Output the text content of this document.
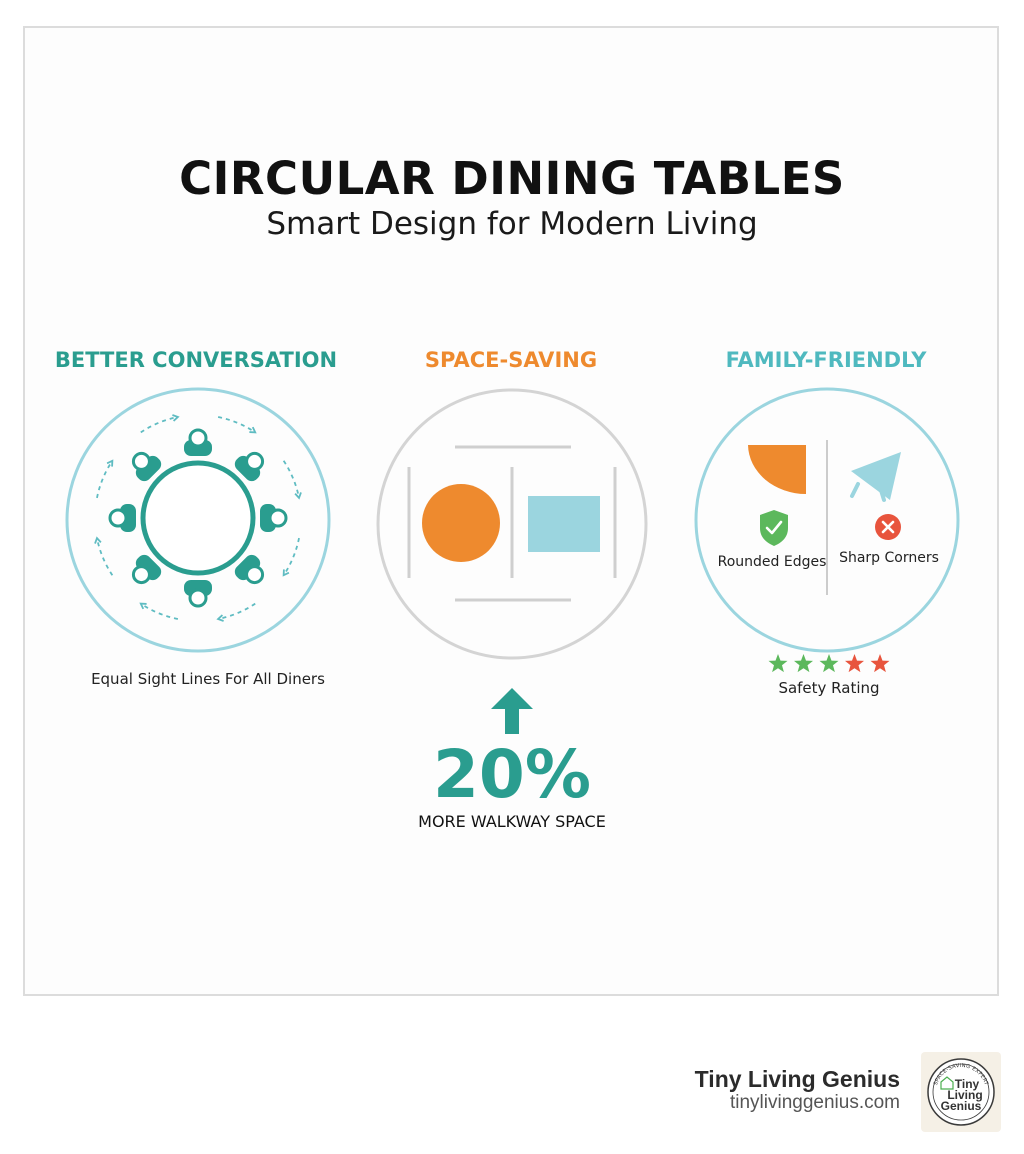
CIRCULAR DINING TABLES
Smart Design for Modern Living
BETTER CONVERSATION	SPACE-SAVING	FAMILY-FRIENDLY
SPACE-SAVING EXPERT
Tiny
Living
Genius
Equal Sight Lines For All Diners
Rounded Edges Sharp Corners
Safety Rating
20%
MORE WALKWAY SPACE
Tiny Living Genius
tinylivinggenius.com
